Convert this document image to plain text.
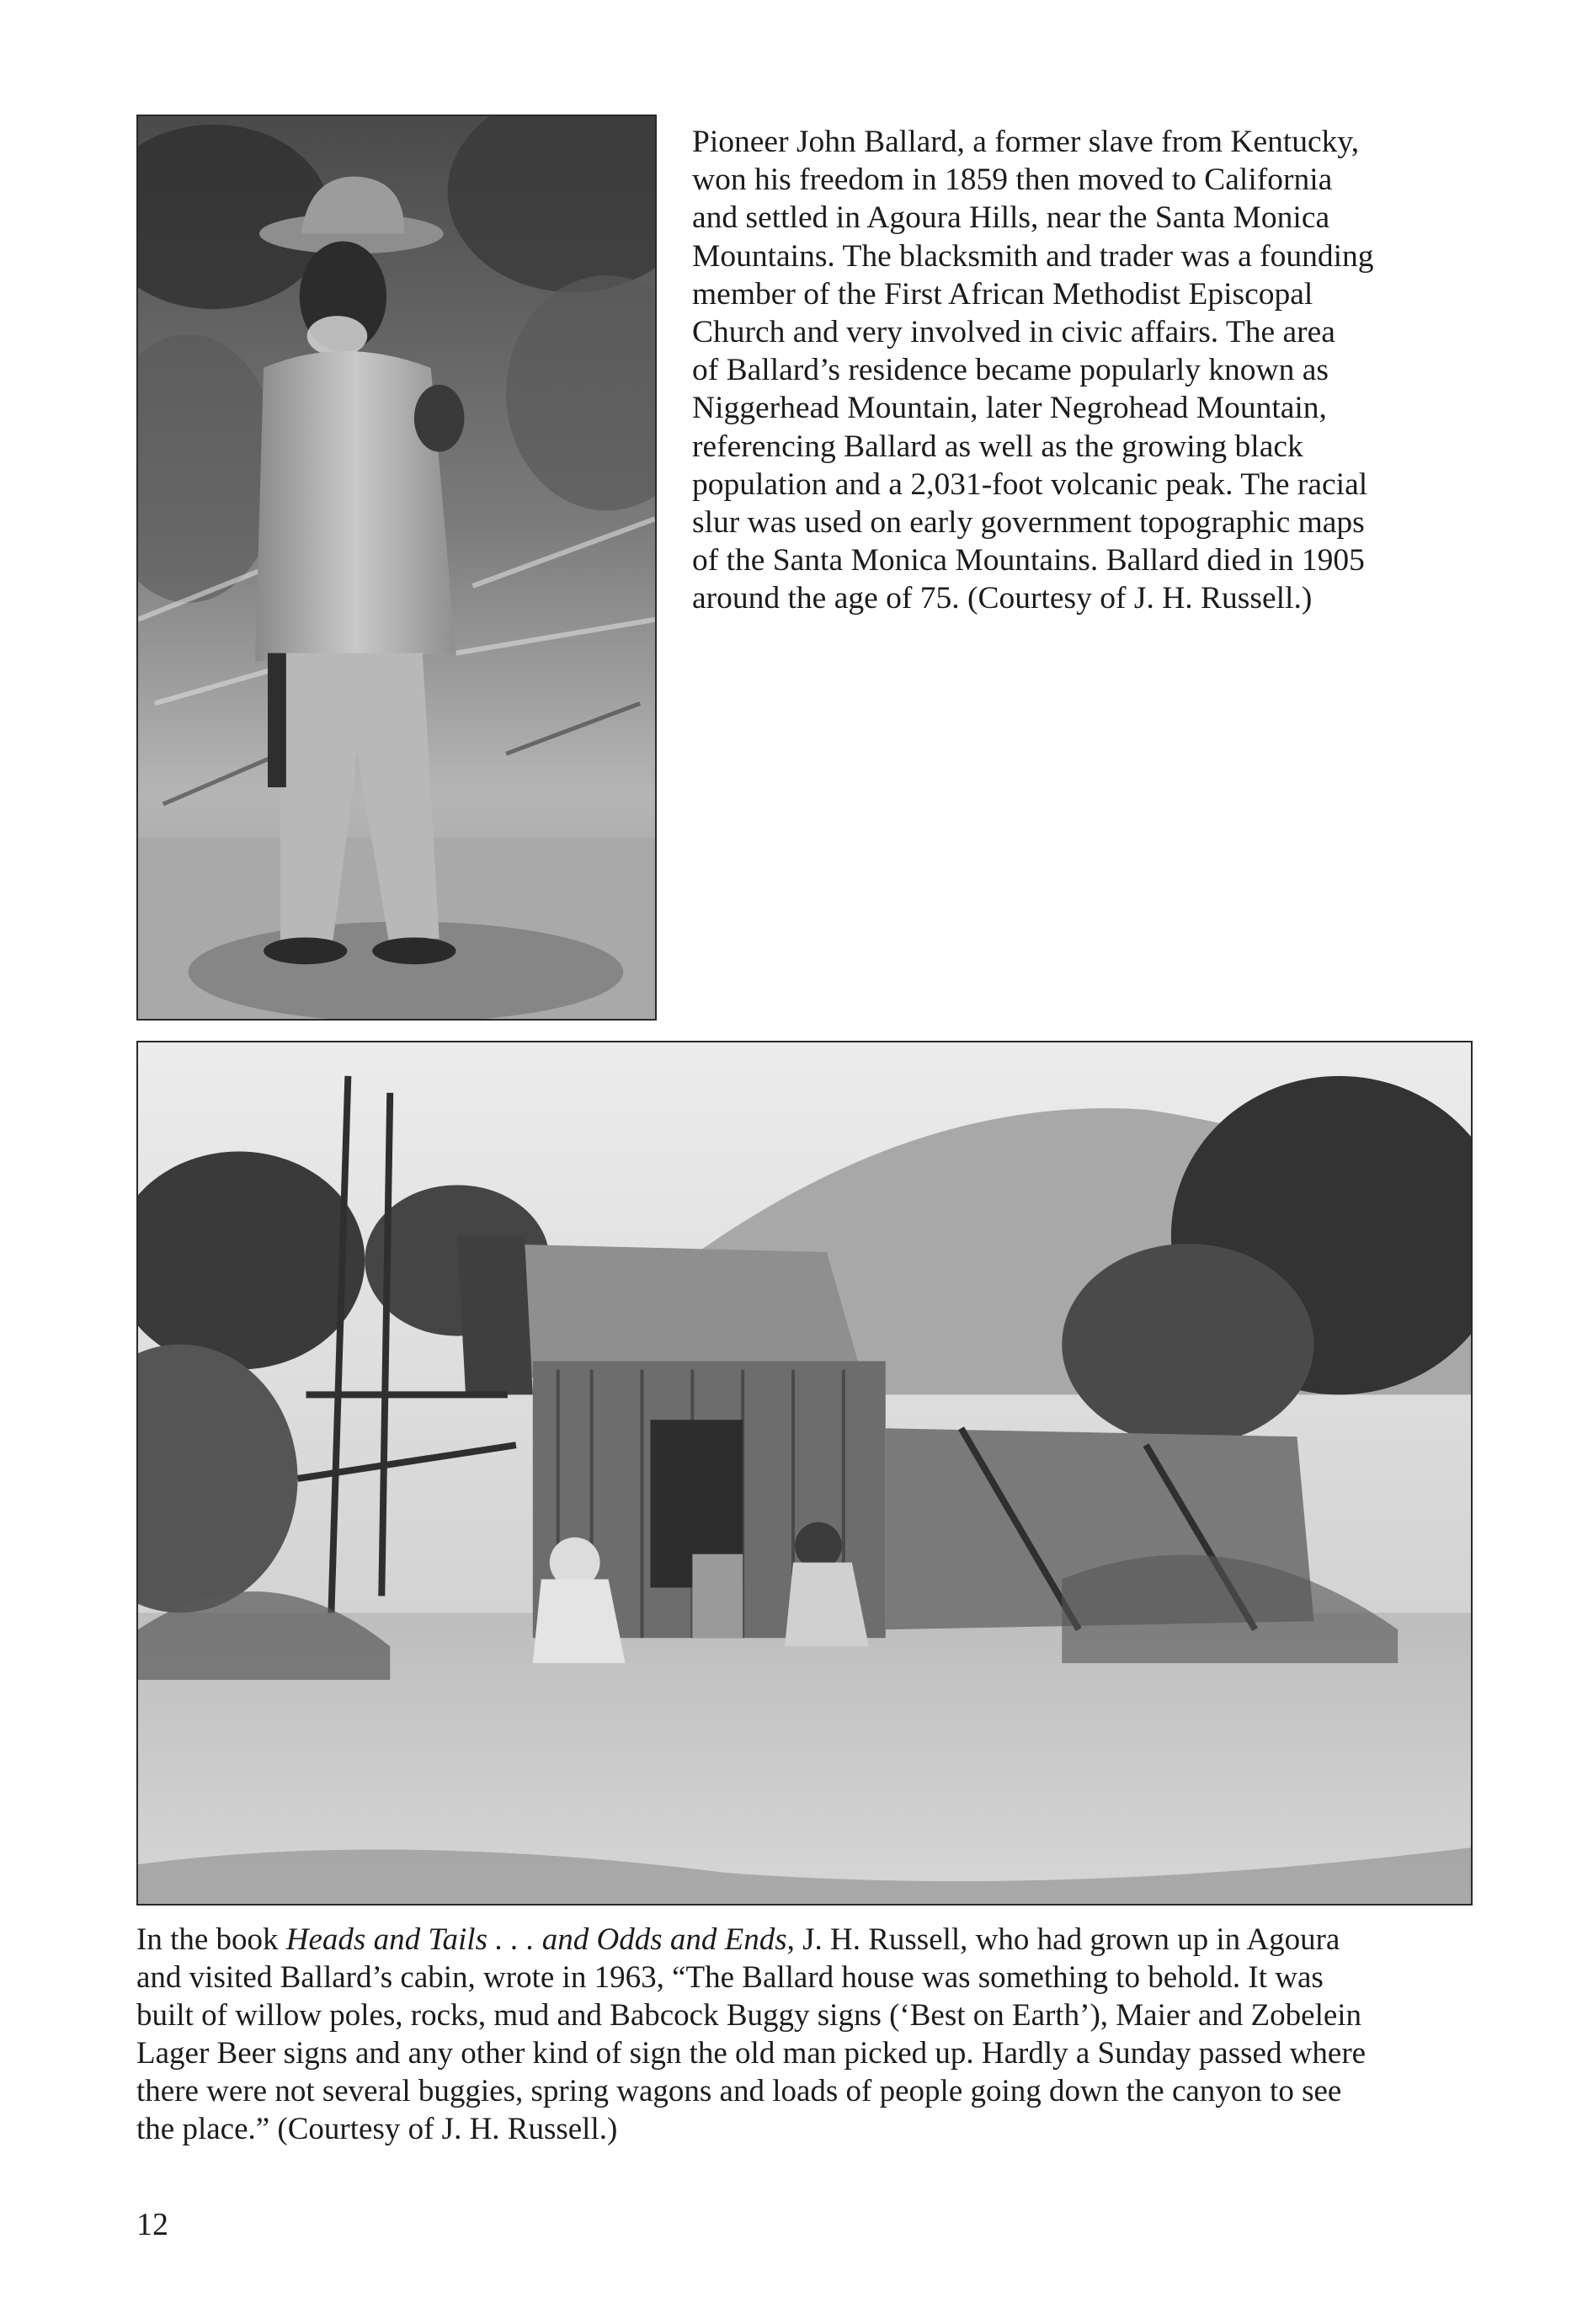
Pioneer John Ballard, a former slave from Kentucky,
won his freedom in 1859 then moved to California
and settled in Agoura Hills, near the Santa Monica
Mountains. The blacksmith and trader was a founding
member of the First African Methodist Episcopal
Church and very involved in civic affairs. The area
of Ballard’s residence became popularly known as
Niggerhead Mountain, later Negrohead Mountain,
referencing Ballard as well as the growing black
population and a 2,031-foot volcanic peak. The racial
slur was used on early government topographic maps
of the Santa Monica Mountains. Ballard died in 1905
around the age of 75. (Courtesy of J. H. Russell.)

In the book Heads and Tails . . . and Odds and Ends, J. H. Russell, who had grown up in Agoura
and visited Ballard’s cabin, wrote in 1963, “The Ballard house was something to behold. It was
built of willow poles, rocks, mud and Babcock Buggy signs (‘Best on Earth’), Maier and Zobelein
Lager Beer signs and any other kind of sign the old man picked up. Hardly a Sunday passed where
there were not several buggies, spring wagons and loads of people going down the canyon to see
the place.” (Courtesy of J. H. Russell.)

12
